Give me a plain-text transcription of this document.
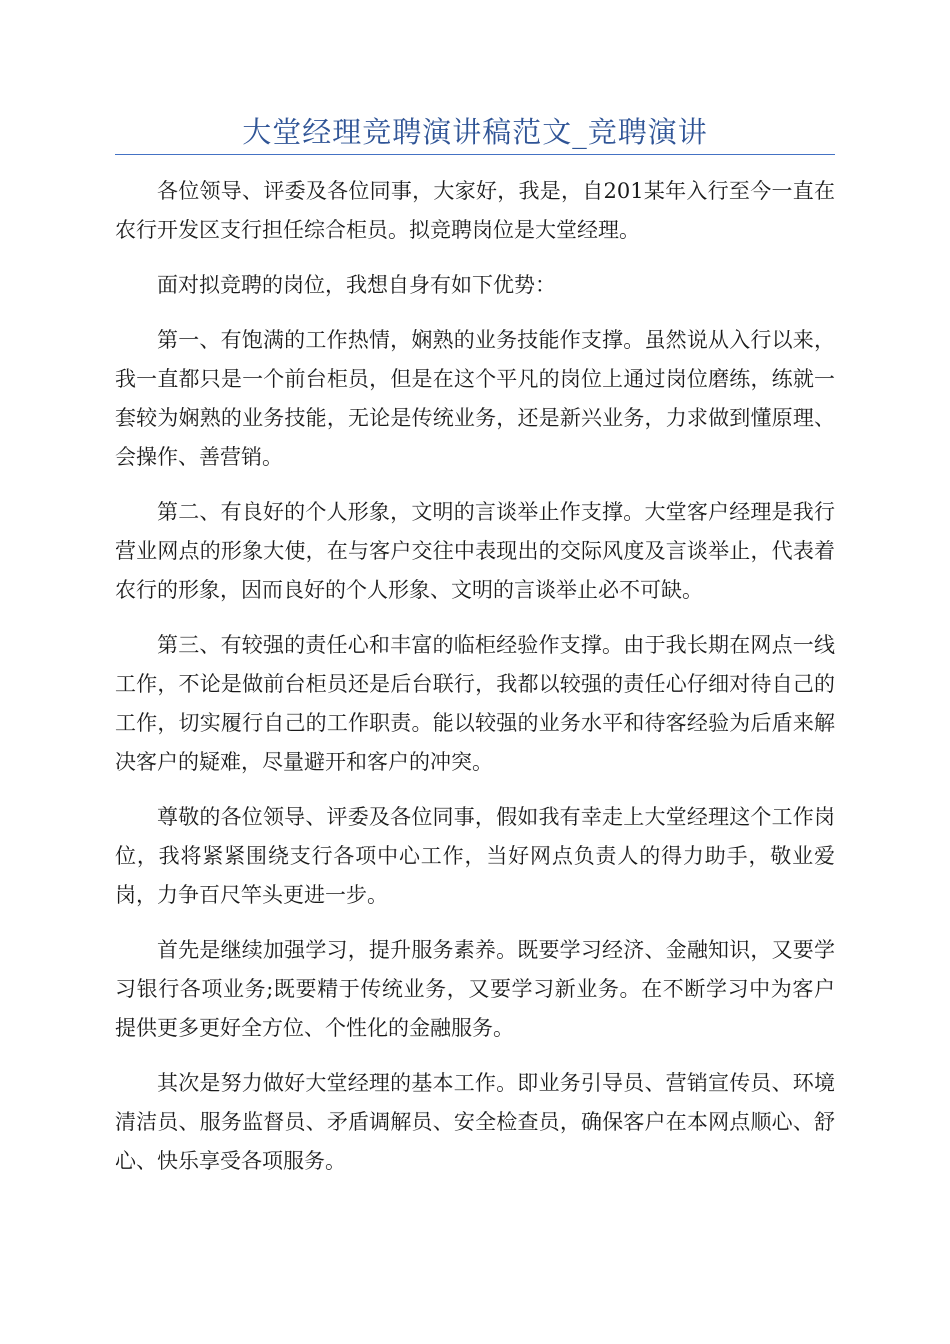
大堂经理竞聘演讲稿范文_竞聘演讲

各位领导、评委及各位同事，大家好，我是，自201某年入行至今一直在农行开发区支行担任综合柜员。拟竞聘岗位是大堂经理。

面对拟竞聘的岗位，我想自身有如下优势：

第一、有饱满的工作热情，娴熟的业务技能作支撑。虽然说从入行以来，我一直都只是一个前台柜员，但是在这个平凡的岗位上通过岗位磨练，练就一套较为娴熟的业务技能，无论是传统业务，还是新兴业务，力求做到懂原理、会操作、善营销。

第二、有良好的个人形象，文明的言谈举止作支撑。大堂客户经理是我行营业网点的形象大使，在与客户交往中表现出的交际风度及言谈举止，代表着农行的形象，因而良好的个人形象、文明的言谈举止必不可缺。

第三、有较强的责任心和丰富的临柜经验作支撑。由于我长期在网点一线工作，不论是做前台柜员还是后台联行，我都以较强的责任心仔细对待自己的工作，切实履行自己的工作职责。能以较强的业务水平和待客经验为后盾来解决客户的疑难，尽量避开和客户的冲突。

尊敬的各位领导、评委及各位同事，假如我有幸走上大堂经理这个工作岗位，我将紧紧围绕支行各项中心工作，当好网点负责人的得力助手，敬业爱岗，力争百尺竿头更进一步。

首先是继续加强学习，提升服务素养。既要学习经济、金融知识，又要学习银行各项业务;既要精于传统业务，又要学习新业务。在不断学习中为客户提供更多更好全方位、个性化的金融服务。

其次是努力做好大堂经理的基本工作。即业务引导员、营销宣传员、环境清洁员、服务监督员、矛盾调解员、安全检查员，确保客户在本网点顺心、舒心、快乐享受各项服务。
